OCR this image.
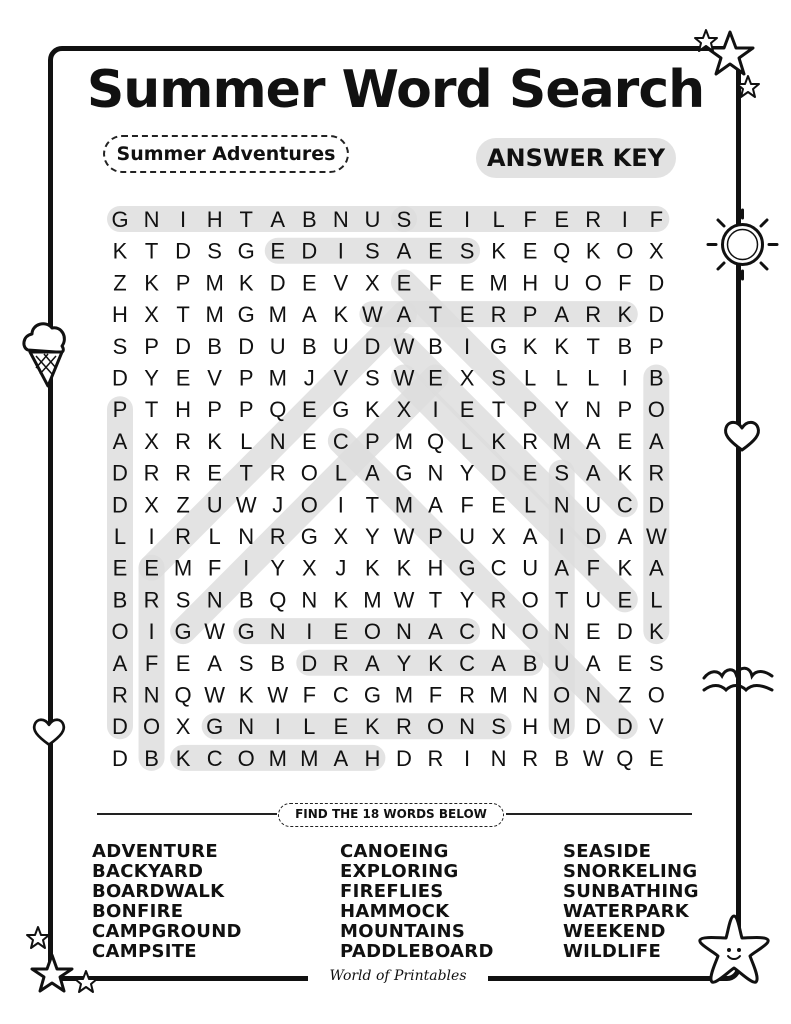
Summer Word Search
Summer Adventures	ANSWER KEY
G N I H T A B N U S E I L F E R I F
K T D S G E D I S A E S K E Q K O X
Z K P M K D E V X E F E M H U O F D
H X T M G M A K W A T E R P A R K D
S P D B D U B U D W B I G K K T B P
D Y E V P M J V S W E X S L L L I B
P T H P P Q E G K X I E T P Y N P O
A X R K L N E C P M Q L K R M A E A
D R R E T R O L A G N Y D E S A K R
D X Z U W J O I T M A F E L N U C D
L I R L N R G X Y W P U X A I D A W
E E M F I Y X J K K H G C U A F K A
B R S N B Q N K M W T Y R O T U E L
O I G W G N I E O N A C N O N E D K
A F E A S B D R A Y K C A B U A E S
R N Q W K W F C G M F R M N O N Z O
D O X G N I L E K R O N S H M D D V
D B K C O M M A H D R I N R B W Q E
FIND THE 18 WORDS BELOW
ADVENTURE
BACKYARD
BOARDWALK
BONFIRE
CAMPGROUND
CAMPSITE
CANOEING
EXPLORING
FIREFLIES
HAMMOCK
MOUNTAINS
PADDLEBOARD
SEASIDE
SNORKELING
SUNBATHING
WATERPARK
WEEKEND
WILDLIFE
World of Printables
